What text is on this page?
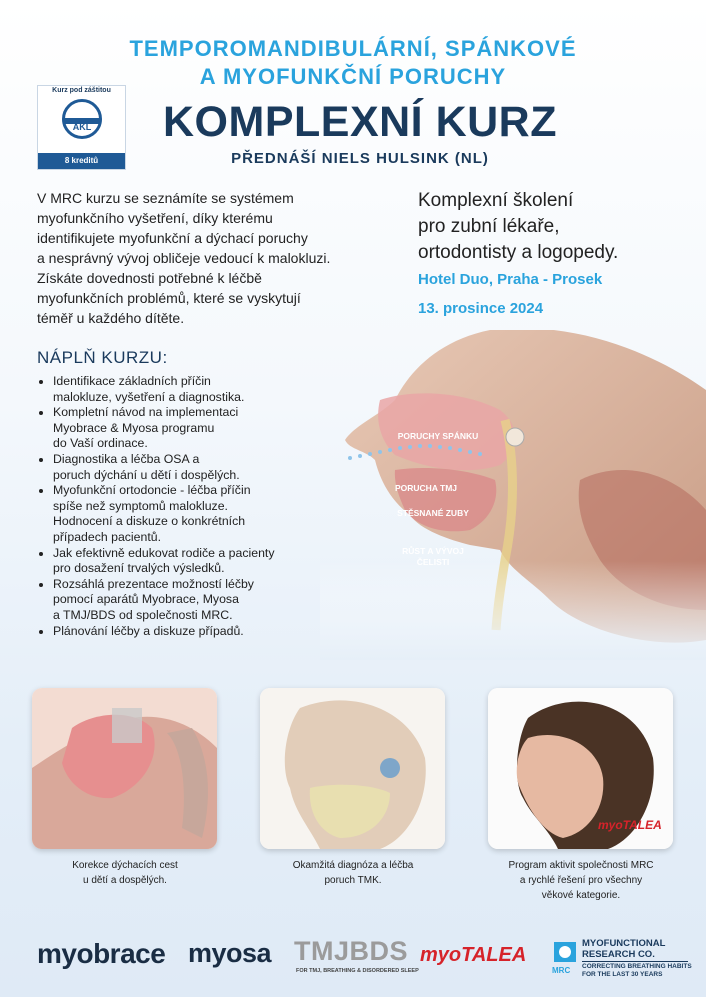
TEMPOROMANDIBULÁRNÍ, SPÁNKOVÉ
A MYOFUNKČNÍ PORUCHY
KOMPLEXNÍ KURZ
PŘEDNÁŠÍ NIELS HULSINK (NL)
Kurz pod záštitou
AKL
8 kreditů
V MRC kurzu se seznámíte se systémem
myofunkčního vyšetření, díky kterému
identifikujete myofunkční a dýchací poruchy
a nesprávný vývoj obličeje vedoucí k malokluzi.
Získáte dovednosti potřebné k léčbě
myofunkčních problémů, které se vyskytují
téměř u každého dítěte.
Komplexní školení
pro zubní lékaře,
ortodontisty a logopedy.
Hotel Duo, Praha - Prosek
13. prosince 2024
NÁPLŇ KURZU:
• Identifikace základních příčin
malokluze, vyšetření a diagnostika.
• Kompletní návod na implementaci
Myobrace & Myosa programu
do Vaší ordinace.
• Diagnostika a léčba OSA a
poruch dýchání u dětí i dospělých.
• Myofunkční ortodoncie - léčba příčin
spíše než symptomů malokluze.
Hodnocení a diskuze o konkrétních
případech pacientů.
• Jak efektivně edukovat rodiče a pacienty
pro dosažení trvalých výsledků.
• Rozsáhlá prezentace možností léčby
pomocí aparátů Myobrace, Myosa
a TMJ/BDS od společnosti MRC.
• Plánování léčby a diskuze případů.
PORUCHY SPÁNKU
PORUCHA TMJ
STĚSNANÉ ZUBY
RŮST A VÝVOJ
ČELISTI
myoTALEA
Korekce dýchacích cest
u dětí a dospělých.
Okamžitá diagnóza a léčba
poruch TMK.
Program aktivit společnosti MRC
a rychlé řešení pro všechny
věkové kategorie.
myobrace myosa TMJBDS
FOR TMJ, BREATHING & DISORDERED SLEEP
myoTALEA
MRC
MYOFUNCTIONAL
RESEARCH CO.
CORRECTING BREATHING HABITS
FOR THE LAST 30 YEARS
